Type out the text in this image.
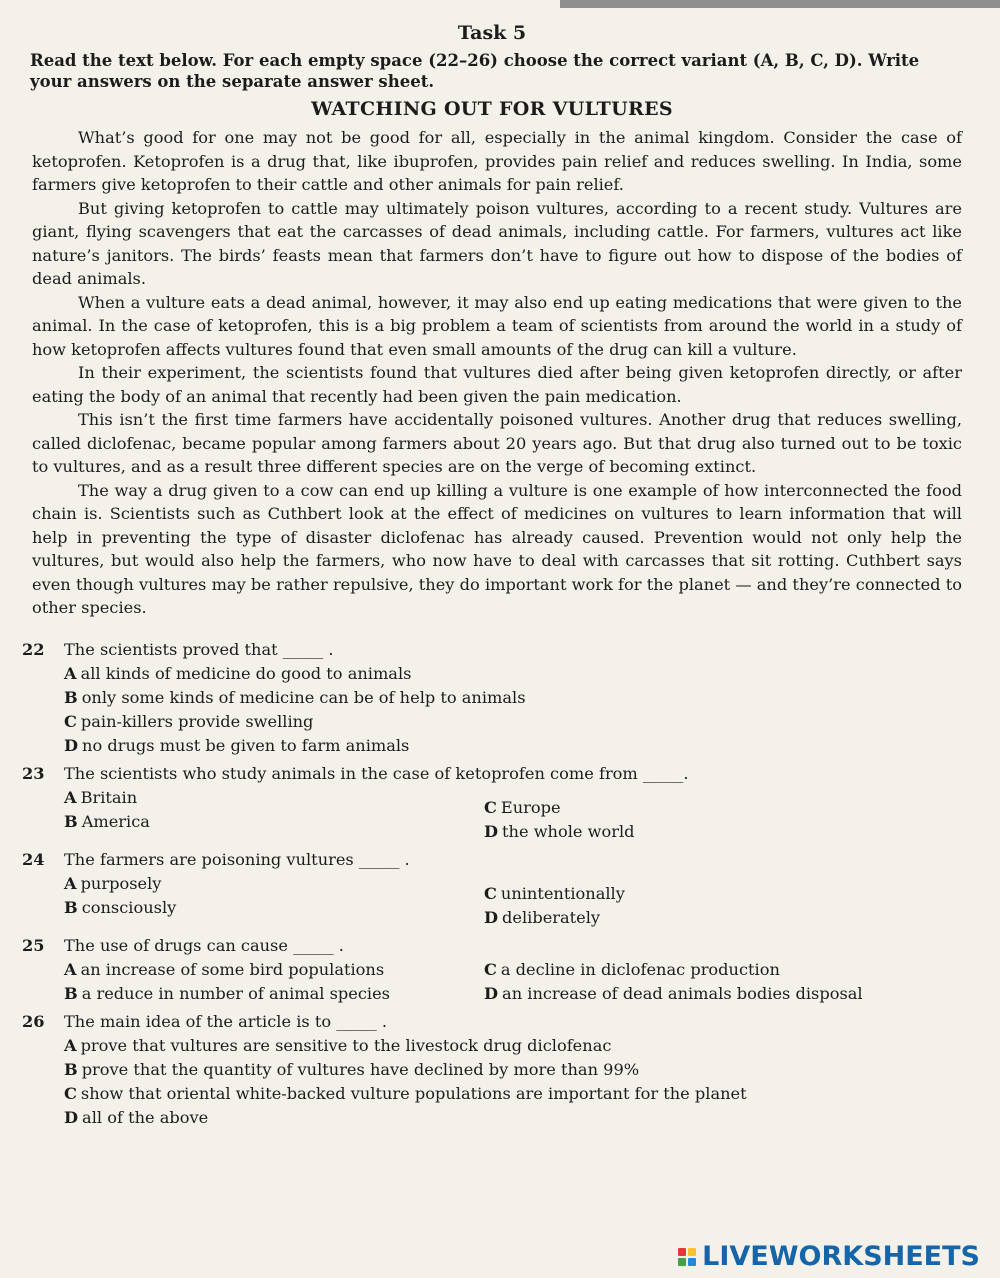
Task 5
Read the text below. For each empty space (22–26) choose the correct variant (A, B, C, D). Write your answers on the separate answer sheet.
WATCHING OUT FOR VULTURES

What’s good for one may not be good for all, especially in the animal kingdom. Consider the case of ketoprofen. Ketoprofen is a drug that, like ibuprofen, provides pain relief and reduces swelling. In India, some farmers give ketoprofen to their cattle and other animals for pain relief.

But giving ketoprofen to cattle may ultimately poison vultures, according to a recent study. Vultures are giant, flying scavengers that eat the carcasses of dead animals, including cattle. For farmers, vultures act like nature’s janitors. The birds’ feasts mean that farmers don’t have to figure out how to dispose of the bodies of dead animals.

When a vulture eats a dead animal, however, it may also end up eating medications that were given to the animal. In the case of ketoprofen, this is a big problem a team of scientists from around the world in a study of how ketoprofen affects vultures found that even small amounts of the drug can kill a vulture.

In their experiment, the scientists found that vultures died after being given ketoprofen directly, or after eating the body of an animal that recently had been given the pain medication.

This isn’t the first time farmers have accidentally poisoned vultures. Another drug that reduces swelling, called diclofenac, became popular among farmers about 20 years ago. But that drug also turned out to be toxic to vultures, and as a result three different species are on the verge of becoming extinct.

The way a drug given to a cow can end up killing a vulture is one example of how interconnected the food chain is. Scientists such as Cuthbert look at the effect of medicines on vultures to learn information that will help in preventing the type of disaster diclofenac has already caused. Prevention would not only help the vultures, but would also help the farmers, who now have to deal with carcasses that sit rotting. Cuthbert says even though vultures may be rather repulsive, they do important work for the planet — and they’re connected to other species.

22	The scientists proved that _____ .
A all kinds of medicine do good to animals
B only some kinds of medicine can be of help to animals
C pain-killers provide swelling
D no drugs must be given to farm animals
23	The scientists who study animals in the case of ketoprofen come from _____.
A Britain
B America
C Europe
D the whole world
24	The farmers are poisoning vultures _____ .
A purposely
B consciously
C unintentionally
D deliberately
25	The use of drugs can cause _____ .
A an increase of some bird populations
B a reduce in number of animal species
C a decline in diclofenac production
D an increase of dead animals bodies disposal
26	The main idea of the article is to _____ .
A prove that vultures are sensitive to the livestock drug diclofenac
B prove that the quantity of vultures have declined by more than 99%
C show that oriental white-backed vulture populations are important for the planet
D all of the above
LIVEWORKSHEETS
